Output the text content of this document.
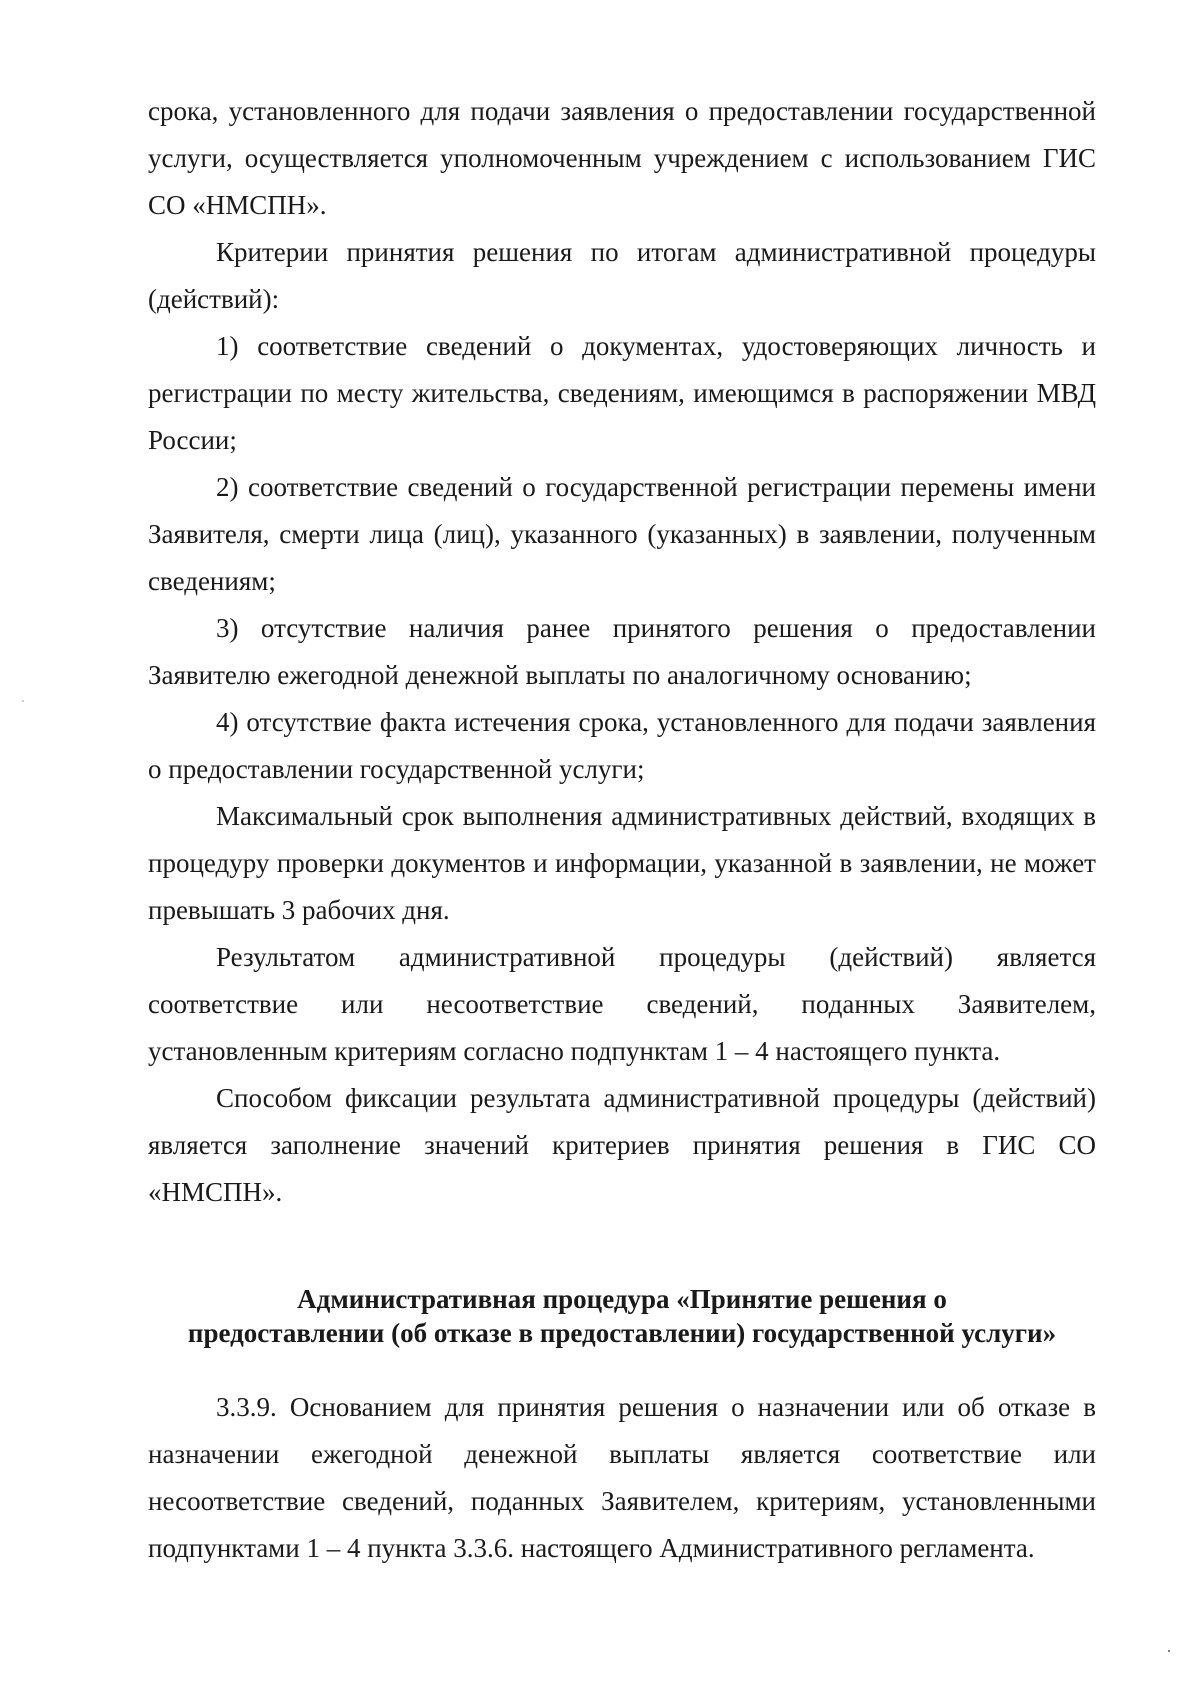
срока, установленного для подачи заявления о предоставлении государственной услуги, осуществляется уполномоченным учреждением с использованием ГИС СО «НМСПН».

Критерии принятия решения по итогам административной процедуры (действий):

1) соответствие сведений о документах, удостоверяющих личность и регистрации по месту жительства, сведениям, имеющимся в распоряжении МВД России;

2) соответствие сведений о государственной регистрации перемены имени Заявителя, смерти лица (лиц), указанного (указанных) в заявлении, полученным сведениям;

3) отсутствие наличия ранее принятого решения о предоставлении Заявителю ежегодной денежной выплаты по аналогичному основанию;

4) отсутствие факта истечения срока, установленного для подачи заявления о предоставлении государственной услуги;

Максимальный срок выполнения административных действий, входящих в процедуру проверки документов и информации, указанной в заявлении, не может превышать 3 рабочих дня.

Результатом административной процедуры (действий) является соответствие или несоответствие сведений, поданных Заявителем, установленным критериям согласно подпунктам 1 – 4 настоящего пункта.

Способом фиксации результата административной процедуры (действий) является заполнение значений критериев принятия решения в ГИС СО «НМСПН».

Административная процедура «Принятие решения о
предоставлении (об отказе в предоставлении) государственной услуги»

3.3.9. Основанием для принятия решения о назначении или об отказе в назначении ежегодной денежной выплаты является соответствие или несоответствие сведений, поданных Заявителем, критериям, установленными подпунктами 1 – 4 пункта 3.3.6. настоящего Административного регламента.
